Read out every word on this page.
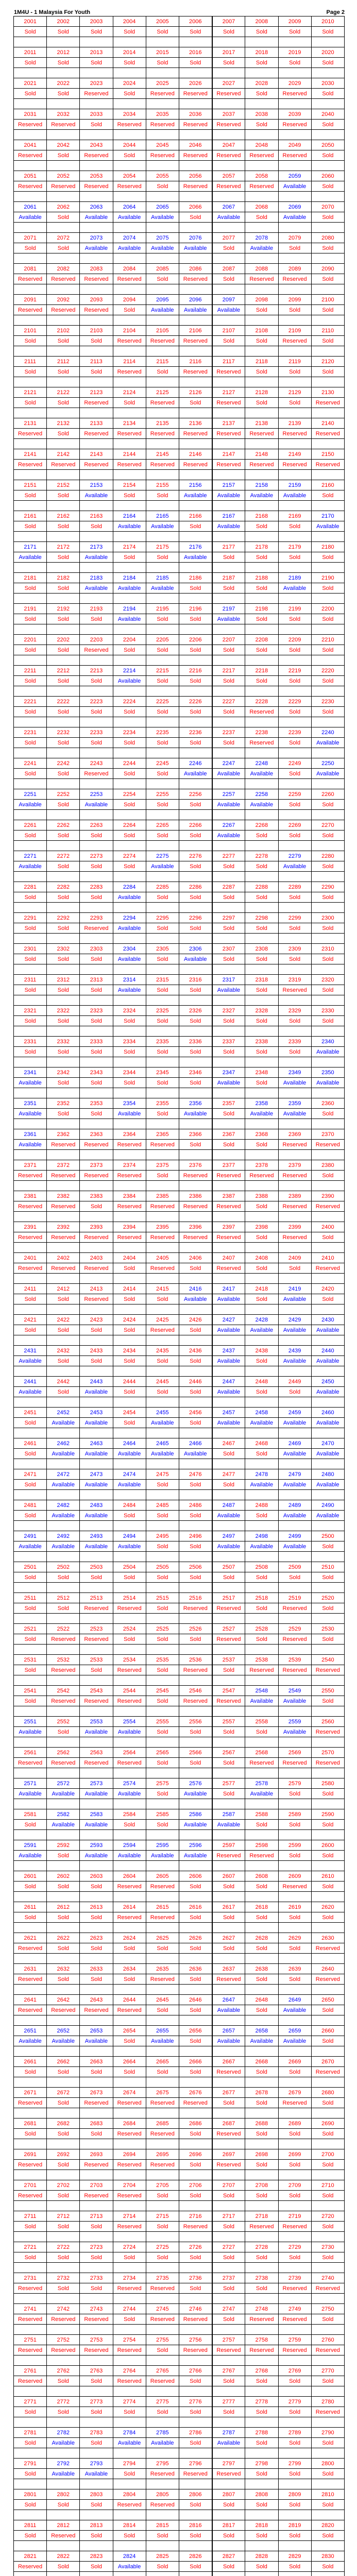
1M4U - 1 Malaysia For Youth	Page 2
2001	2002	2003	2004	2005	2006	2007	2008	2009	2010
Sold	Sold	Sold	Sold	Sold	Sold	Sold	Sold	Sold	Sold

2011	2012	2013	2014	2015	2016	2017	2018	2019	2020
Sold	Sold	Sold	Sold	Sold	Sold	Sold	Sold	Sold	Sold

2021	2022	2023	2024	2025	2026	2027	2028	2029	2030
Sold	Sold	Reserved	Sold	Reserved	Reserved	Reserved	Sold	Reserved	Sold

2031	2032	2033	2034	2035	2036	2037	2038	2039	2040
Reserved	Reserved	Sold	Reserved	Reserved	Reserved	Reserved	Sold	Reserved	Sold

2041	2042	2043	2044	2045	2046	2047	2048	2049	2050
Reserved	Sold	Reserved	Sold	Reserved	Reserved	Reserved	Reserved	Reserved	Sold

2051	2052	2053	2054	2055	2056	2057	2058	2059	2060
Reserved	Reserved	Reserved	Reserved	Sold	Reserved	Reserved	Reserved	Available	Sold

2061	2062	2063	2064	2065	2066	2067	2068	2069	2070
Available	Sold	Available	Available	Available	Sold	Available	Sold	Available	Sold

2071	2072	2073	2074	2075	2076	2077	2078	2079	2080
Sold	Sold	Available	Available	Available	Available	Sold	Available	Sold	Sold

2081	2082	2083	2084	2085	2086	2087	2088	2089	2090
Reserved	Reserved	Reserved	Reserved	Sold	Reserved	Sold	Reserved	Reserved	Sold

2091	2092	2093	2094	2095	2096	2097	2098	2099	2100
Reserved	Reserved	Reserved	Sold	Available	Available	Available	Sold	Sold	Sold

2101	2102	2103	2104	2105	2106	2107	2108	2109	2110
Sold	Sold	Sold	Reserved	Reserved	Reserved	Sold	Sold	Reserved	Sold

2111	2112	2113	2114	2115	2116	2117	2118	2119	2120
Sold	Sold	Sold	Reserved	Sold	Reserved	Reserved	Sold	Sold	Sold

2121	2122	2123	2124	2125	2126	2127	2128	2129	2130
Sold	Sold	Reserved	Sold	Reserved	Sold	Reserved	Sold	Sold	Reserved

2131	2132	2133	2134	2135	2136	2137	2138	2139	2140
Reserved	Sold	Reserved	Reserved	Reserved	Reserved	Reserved	Reserved	Reserved	Reserved

2141	2142	2143	2144	2145	2146	2147	2148	2149	2150
Reserved	Reserved	Reserved	Reserved	Reserved	Reserved	Reserved	Reserved	Reserved	Reserved

2151	2152	2153	2154	2155	2156	2157	2158	2159	2160
Sold	Sold	Available	Sold	Sold	Available	Available	Available	Available	Sold

2161	2162	2163	2164	2165	2166	2167	2168	2169	2170
Sold	Sold	Sold	Available	Available	Sold	Available	Sold	Sold	Available

2171	2172	2173	2174	2175	2176	2177	2178	2179	2180
Available	Sold	Available	Sold	Sold	Available	Sold	Sold	Sold	Sold

2181	2182	2183	2184	2185	2186	2187	2188	2189	2190
Sold	Sold	Available	Available	Available	Sold	Sold	Sold	Available	Sold

2191	2192	2193	2194	2195	2196	2197	2198	2199	2200
Sold	Sold	Sold	Available	Sold	Sold	Available	Sold	Sold	Sold

2201	2202	2203	2204	2205	2206	2207	2208	2209	2210
Sold	Sold	Reserved	Sold	Sold	Sold	Sold	Sold	Sold	Sold

2211	2212	2213	2214	2215	2216	2217	2218	2219	2220
Sold	Sold	Sold	Available	Sold	Sold	Sold	Sold	Sold	Sold

2221	2222	2223	2224	2225	2226	2227	2228	2229	2230
Sold	Sold	Sold	Sold	Sold	Sold	Sold	Reserved	Sold	Sold

2231	2232	2233	2234	2235	2236	2237	2238	2239	2240
Sold	Sold	Sold	Sold	Sold	Sold	Sold	Reserved	Sold	Available

2241	2242	2243	2244	2245	2246	2247	2248	2249	2250
Sold	Sold	Reserved	Sold	Sold	Available	Available	Available	Sold	Available

2251	2252	2253	2254	2255	2256	2257	2258	2259	2260
Available	Sold	Available	Sold	Sold	Sold	Available	Available	Sold	Sold

2261	2262	2263	2264	2265	2266	2267	2268	2269	2270
Sold	Sold	Sold	Sold	Sold	Sold	Available	Sold	Sold	Sold

2271	2272	2273	2274	2275	2276	2277	2278	2279	2280
Available	Sold	Sold	Sold	Available	Sold	Sold	Sold	Available	Sold

2281	2282	2283	2284	2285	2286	2287	2288	2289	2290
Sold	Sold	Sold	Available	Sold	Sold	Sold	Sold	Sold	Sold

2291	2292	2293	2294	2295	2296	2297	2298	2299	2300
Sold	Sold	Reserved	Available	Sold	Sold	Sold	Sold	Sold	Sold

2301	2302	2303	2304	2305	2306	2307	2308	2309	2310
Sold	Sold	Sold	Available	Sold	Available	Sold	Sold	Sold	Sold

2311	2312	2313	2314	2315	2316	2317	2318	2319	2320
Sold	Sold	Sold	Available	Sold	Sold	Available	Sold	Reserved	Sold

2321	2322	2323	2324	2325	2326	2327	2328	2329	2330
Sold	Sold	Sold	Sold	Sold	Sold	Sold	Sold	Sold	Sold

2331	2332	2333	2334	2335	2336	2337	2338	2339	2340
Sold	Sold	Sold	Sold	Sold	Sold	Sold	Sold	Sold	Available

2341	2342	2343	2344	2345	2346	2347	2348	2349	2350
Available	Sold	Sold	Sold	Sold	Sold	Available	Sold	Available	Available

2351	2352	2353	2354	2355	2356	2357	2358	2359	2360
Available	Sold	Sold	Available	Sold	Available	Sold	Available	Available	Sold

2361	2362	2363	2364	2365	2366	2367	2368	2369	2370
Available	Reserved	Reserved	Reserved	Reserved	Sold	Sold	Sold	Reserved	Reserved

2371	2372	2373	2374	2375	2376	2377	2378	2379	2380
Reserved	Reserved	Reserved	Reserved	Sold	Reserved	Reserved	Reserved	Reserved	Sold

2381	2382	2383	2384	2385	2386	2387	2388	2389	2390
Reserved	Reserved	Sold	Reserved	Reserved	Reserved	Reserved	Sold	Reserved	Reserved

2391	2392	2393	2394	2395	2396	2397	2398	2399	2400
Reserved	Reserved	Reserved	Reserved	Reserved	Reserved	Reserved	Sold	Reserved	Sold

2401	2402	2403	2404	2405	2406	2407	2408	2409	2410
Reserved	Reserved	Reserved	Sold	Reserved	Sold	Reserved	Sold	Sold	Reserved

2411	2412	2413	2414	2415	2416	2417	2418	2419	2420
Sold	Sold	Reserved	Sold	Sold	Available	Available	Sold	Available	Sold

2421	2422	2423	2424	2425	2426	2427	2428	2429	2430
Sold	Sold	Sold	Sold	Reserved	Sold	Available	Available	Available	Available

2431	2432	2433	2434	2435	2436	2437	2438	2439	2440
Available	Sold	Sold	Sold	Sold	Sold	Available	Sold	Available	Available

2441	2442	2443	2444	2445	2446	2447	2448	2449	2450
Available	Sold	Available	Sold	Sold	Sold	Available	Sold	Sold	Available

2451	2452	2453	2454	2455	2456	2457	2458	2459	2460
Sold	Available	Available	Sold	Available	Sold	Available	Available	Available	Available

2461	2462	2463	2464	2465	2466	2467	2468	2469	2470
Sold	Available	Available	Available	Available	Available	Sold	Sold	Available	Available

2471	2472	2473	2474	2475	2476	2477	2478	2479	2480
Sold	Available	Available	Available	Sold	Sold	Sold	Available	Available	Available

2481	2482	2483	2484	2485	2486	2487	2488	2489	2490
Sold	Available	Available	Sold	Sold	Sold	Available	Sold	Available	Available

2491	2492	2493	2494	2495	2496	2497	2498	2499	2500
Available	Available	Available	Available	Sold	Sold	Available	Available	Available	Sold

2501	2502	2503	2504	2505	2506	2507	2508	2509	2510
Sold	Sold	Sold	Sold	Sold	Sold	Sold	Sold	Sold	Sold

2511	2512	2513	2514	2515	2516	2517	2518	2519	2520
Sold	Sold	Reserved	Reserved	Sold	Reserved	Reserved	Sold	Reserved	Sold

2521	2522	2523	2524	2525	2526	2527	2528	2529	2530
Sold	Reserved	Reserved	Sold	Sold	Sold	Reserved	Sold	Reserved	Sold

2531	2532	2533	2534	2535	2536	2537	2538	2539	2540
Sold	Reserved	Sold	Reserved	Sold	Reserved	Sold	Reserved	Reserved	Reserved

2541	2542	2543	2544	2545	2546	2547	2548	2549	2550
Sold	Reserved	Reserved	Reserved	Sold	Reserved	Reserved	Available	Available	Sold

2551	2552	2553	2554	2555	2556	2557	2558	2559	2560
Available	Sold	Available	Available	Sold	Sold	Sold	Sold	Available	Reserved

2561	2562	2563	2564	2565	2566	2567	2568	2569	2570
Reserved	Reserved	Reserved	Reserved	Sold	Sold	Sold	Reserved	Reserved	Reserved

2571	2572	2573	2574	2575	2576	2577	2578	2579	2580
Available	Available	Available	Available	Sold	Available	Sold	Available	Sold	Sold

2581	2582	2583	2584	2585	2586	2587	2588	2589	2590
Sold	Available	Available	Sold	Sold	Available	Available	Sold	Sold	Sold

2591	2592	2593	2594	2595	2596	2597	2598	2599	2600
Available	Sold	Available	Available	Available	Available	Reserved	Reserved	Sold	Sold

2601	2602	2603	2604	2605	2606	2607	2608	2609	2610
Sold	Sold	Sold	Reserved	Reserved	Sold	Sold	Sold	Reserved	Sold

2611	2612	2613	2614	2615	2616	2617	2618	2619	2620
Sold	Sold	Sold	Reserved	Reserved	Sold	Sold	Sold	Sold	Sold

2621	2622	2623	2624	2625	2626	2627	2628	2629	2630
Reserved	Sold	Sold	Sold	Sold	Sold	Sold	Sold	Sold	Reserved

2631	2632	2633	2634	2635	2636	2637	2638	2639	2640
Reserved	Sold	Sold	Sold	Reserved	Sold	Reserved	Sold	Sold	Reserved

2641	2642	2643	2644	2645	2646	2647	2648	2649	2650
Reserved	Reserved	Reserved	Reserved	Sold	Sold	Available	Sold	Available	Sold

2651	2652	2653	2654	2655	2656	2657	2658	2659	2660
Available	Available	Available	Sold	Available	Sold	Available	Available	Available	Sold

2661	2662	2663	2664	2665	2666	2667	2668	2669	2670
Sold	Sold	Sold	Sold	Sold	Sold	Reserved	Sold	Sold	Reserved

2671	2672	2673	2674	2675	2676	2677	2678	2679	2680
Reserved	Sold	Reserved	Reserved	Reserved	Reserved	Sold	Sold	Reserved	Sold

2681	2682	2683	2684	2685	2686	2687	2688	2689	2690
Sold	Sold	Sold	Reserved	Reserved	Sold	Reserved	Sold	Sold	Sold

2691	2692	2693	2694	2695	2696	2697	2698	2699	2700
Reserved	Sold	Reserved	Reserved	Reserved	Sold	Reserved	Sold	Sold	Sold

2701	2702	2703	2704	2705	2706	2707	2708	2709	2710
Reserved	Sold	Reserved	Reserved	Sold	Sold	Sold	Sold	Sold	Sold

2711	2712	2713	2714	2715	2716	2717	2718	2719	2720
Sold	Sold	Sold	Reserved	Sold	Reserved	Sold	Reserved	Reserved	Sold

2721	2722	2723	2724	2725	2726	2727	2728	2729	2730
Sold	Sold	Sold	Sold	Sold	Sold	Sold	Sold	Sold	Sold

2731	2732	2733	2734	2735	2736	2737	2738	2739	2740
Reserved	Sold	Sold	Reserved	Reserved	Sold	Sold	Sold	Reserved	Reserved

2741	2742	2743	2744	2745	2746	2747	2748	2749	2750
Reserved	Reserved	Reserved	Sold	Reserved	Reserved	Sold	Reserved	Reserved	Sold

2751	2752	2753	2754	2755	2756	2757	2758	2759	2760
Reserved	Reserved	Reserved	Reserved	Sold	Reserved	Reserved	Reserved	Reserved	Reserved

2761	2762	2763	2764	2765	2766	2767	2768	2769	2770
Reserved	Sold	Sold	Reserved	Reserved	Sold	Sold	Sold	Sold	Sold

2771	2772	2773	2774	2775	2776	2777	2778	2779	2780
Sold	Sold	Sold	Sold	Sold	Sold	Sold	Sold	Sold	Reserved

2781	2782	2783	2784	2785	2786	2787	2788	2789	2790
Sold	Available	Sold	Available	Available	Sold	Available	Sold	Sold	Sold

2791	2792	2793	2794	2795	2796	2797	2798	2799	2800
Sold	Available	Available	Sold	Reserved	Reserved	Reserved	Sold	Sold	Sold

2801	2802	2803	2804	2805	2806	2807	2808	2809	2810
Sold	Sold	Sold	Reserved	Reserved	Sold	Sold	Sold	Sold	Sold

2811	2812	2813	2814	2815	2816	2817	2818	2819	2820
Sold	Reserved	Sold	Sold	Sold	Sold	Sold	Sold	Sold	Sold

2821	2822	2823	2824	2825	2826	2827	2828	2829	2830
Reserved	Sold	Sold	Available	Sold	Sold	Sold	Sold	Sold	Sold
